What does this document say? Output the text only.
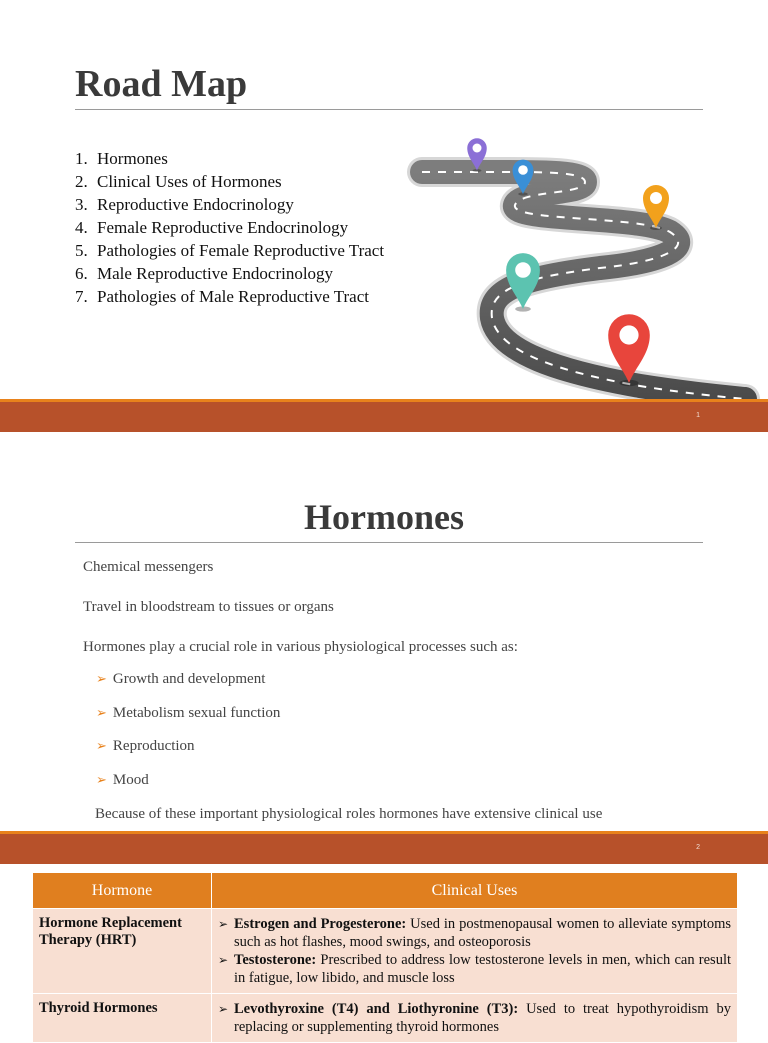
Road Map
1. Hormones
2. Clinical Uses of Hormones
3. Reproductive Endocrinology
4. Female Reproductive Endocrinology
5. Pathologies of Female Reproductive Tract
6. Male Reproductive Endocrinology
7. Pathologies of Male Reproductive Tract
1
Hormones
Chemical messengers
Travel in bloodstream to tissues or organs
Hormones play a crucial role in various physiological processes such as:
➢ Growth and development
➢ Metabolism sexual function
➢ Reproduction
➢ Mood
Because of these important physiological roles hormones have extensive clinical use
2
Hormone	Clinical Uses
Hormone Replacement Therapy (HRT)	➢ Estrogen and Progesterone: Used in postmenopausal women to alleviate symptoms such as hot flashes, mood swings, and osteoporosis
➢ Testosterone: Prescribed to address low testosterone levels in men, which can result in fatigue, low libido, and muscle loss

Thyroid Hormones	➢ Levothyroxine (T4) and Liothyronine (T3): Used to treat hypothyroidism by replacing or supplementing thyroid hormones
